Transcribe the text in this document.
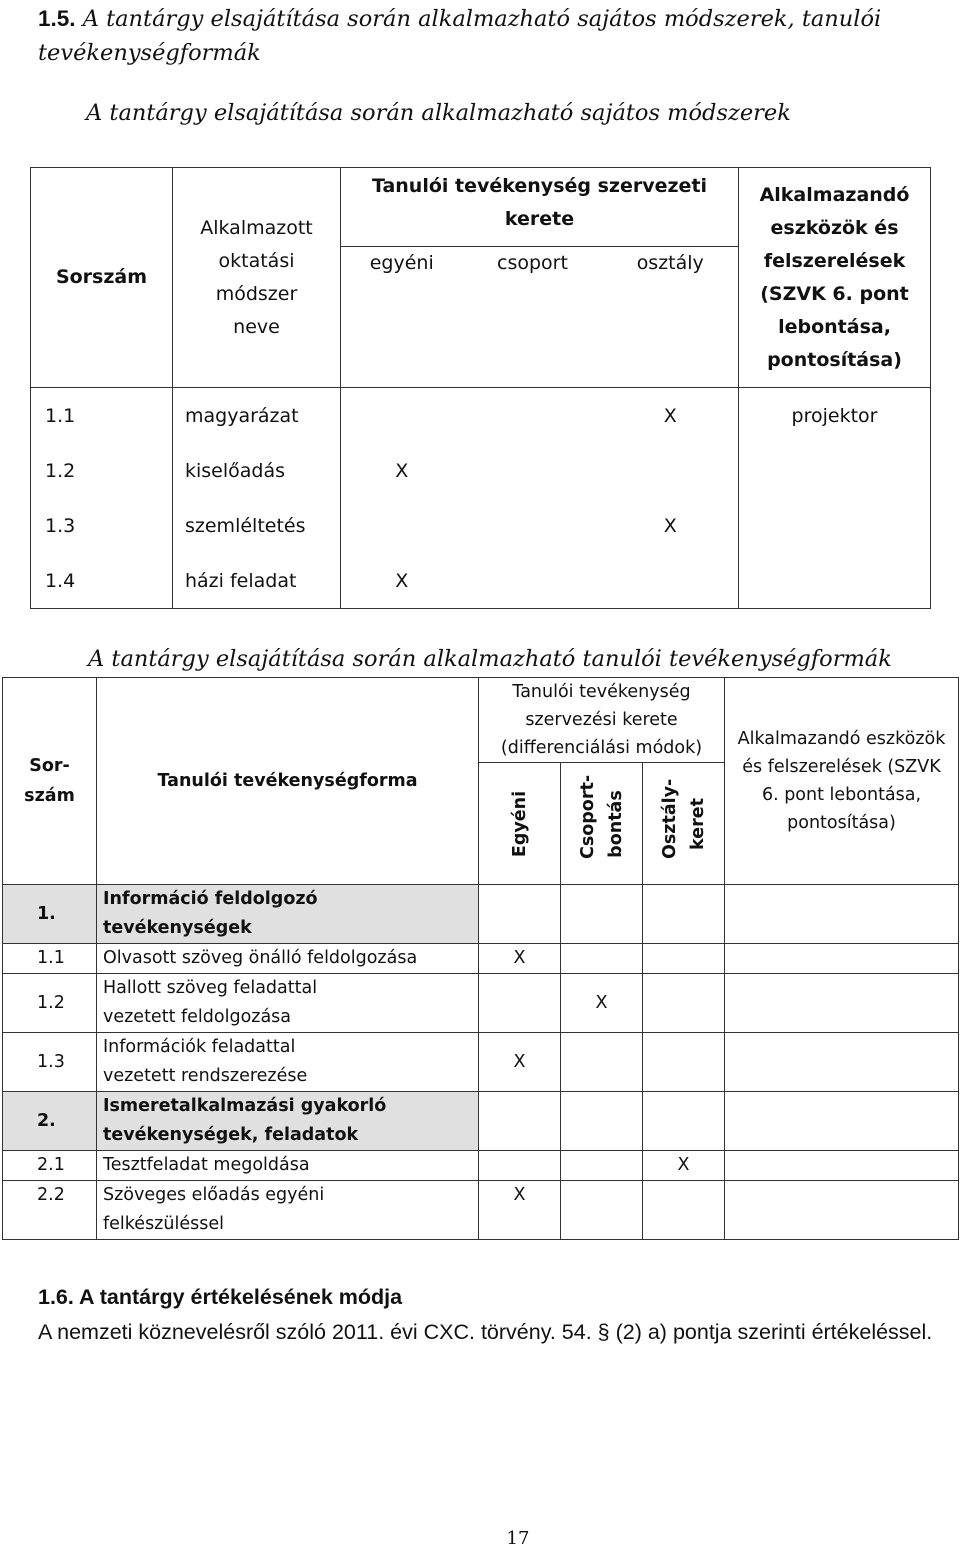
1.5. A tantárgy elsajátítása során alkalmazható sajátos módszerek, tanulói tevékenységformák
A tantárgy elsajátítása során alkalmazható sajátos módszerek
Sorszám	Alkalmazott oktatási módszer neve	Tanulói tevékenység szervezeti kerete			Alkalmazandó eszközök és felszerelések (SZVK 6. pont lebontása, pontosítása)
		egyéni	csoport	osztály	
1.1	magyarázat			X	projektor
1.2	kiselőadás	X			
1.3	szemléltetés			X	
1.4	házi feladat	X			
A tantárgy elsajátítása során alkalmazható tanulói tevékenységformák
Sor-szám	Tanulói tevékenységforma	Tanulói tevékenység szervezési kerete (differenciálási módok)			Alkalmazandó eszközök és felszerelések (SZVK 6. pont lebontása, pontosítása)

		Egyéni	Csoport-bontás	Osztály-keret	

1.	Információ feldolgozó tevékenységek				
1.1	Olvasott szöveg önálló feldolgozása	X			
1.2	Hallott szöveg feladattal vezetett feldolgozása		X		
1.3	Információk feladattal vezetett rendszerezése	X			
2.	Ismeretalkalmazási gyakorló tevékenységek, feladatok				
2.1	Tesztfeladat megoldása			X	
2.2	Szöveges előadás egyéni felkészüléssel	X			
1.6. A tantárgy értékelésének módja
A nemzeti köznevelésről szóló 2011. évi CXC. törvény. 54. § (2) a) pontja szerinti értékeléssel.
17
